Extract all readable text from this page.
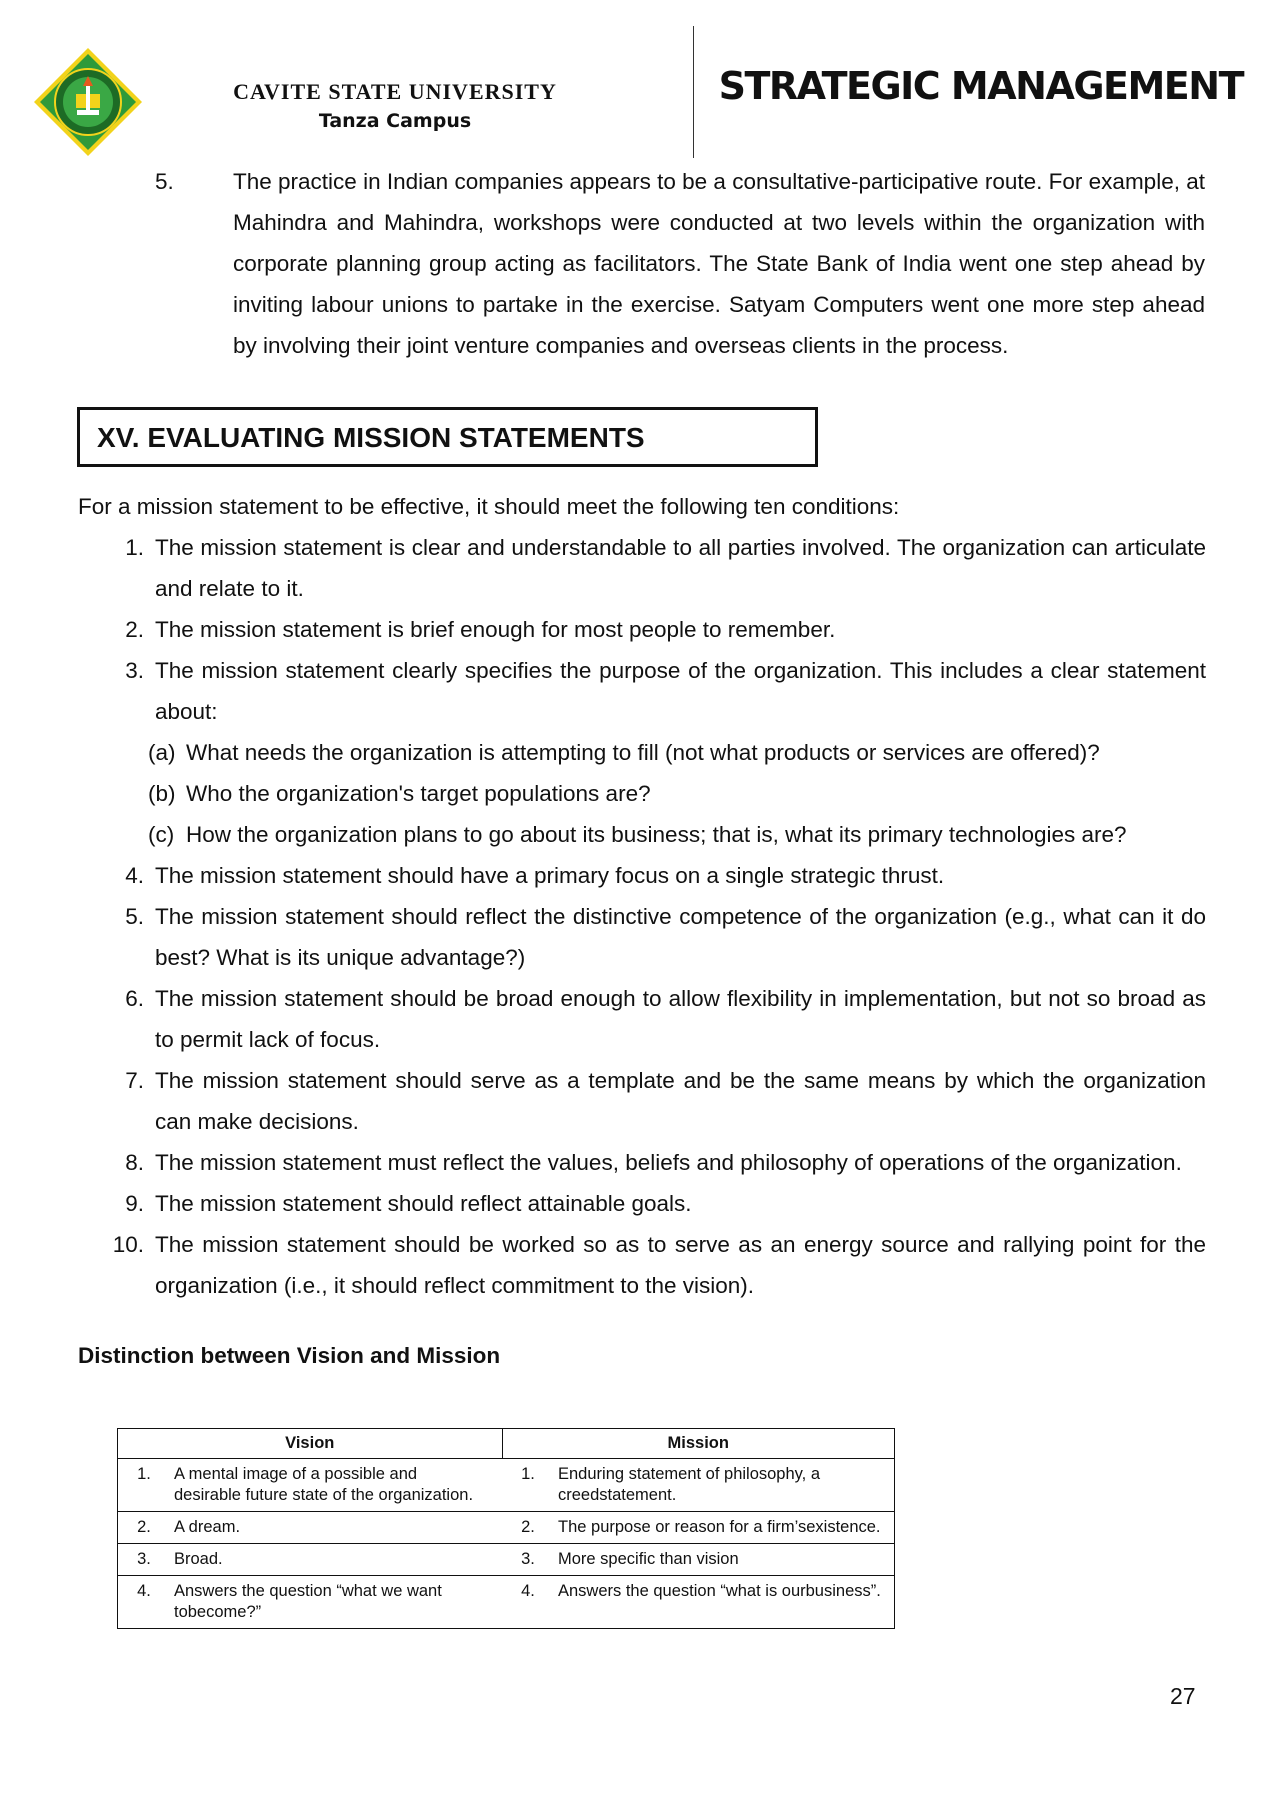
CAVITE STATE UNIVERSITY
Tanza Campus
STRATEGIC MANAGEMENT
5.	The practice in Indian companies appears to be a consultative-participative route. For example, at Mahindra and Mahindra, workshops were conducted at two levels within the organization with corporate planning group acting as facilitators. The State Bank of India went one step ahead by inviting labour unions to partake in the exercise. Satyam Computers went one more step ahead by involving their joint venture companies and overseas clients in the process.
XV. EVALUATING MISSION STATEMENTS
For a mission statement to be effective, it should meet the following ten conditions:
1. The mission statement is clear and understandable to all parties involved. The organization can articulate and relate to it.
2. The mission statement is brief enough for most people to remember.
3. The mission statement clearly specifies the purpose of the organization. This includes a clear statement about:
(a) What needs the organization is attempting to fill (not what products or services are offered)?
(b) Who the organization's target populations are?
(c) How the organization plans to go about its business; that is, what its primary technologies are?
4. The mission statement should have a primary focus on a single strategic thrust.
5. The mission statement should reflect the distinctive competence of the organization (e.g., what can it do best? What is its unique advantage?)
6. The mission statement should be broad enough to allow flexibility in implementation, but not so broad as to permit lack of focus.
7. The mission statement should serve as a template and be the same means by which the organization can make decisions.
8. The mission statement must reflect the values, beliefs and philosophy of operations of the organization.
9. The mission statement should reflect attainable goals.
10. The mission statement should be worked so as to serve as an energy source and rallying point for the organization (i.e., it should reflect commitment to the vision).
Distinction between Vision and Mission
Vision		Mission	
1.	A mental image of a possible and desirable future state of the organization.	1.	Enduring statement of philosophy, a creedstatement.
2.	A dream.	2.	The purpose or reason for a firm’sexistence.
3.	Broad.	3.	More specific than vision
4.	Answers the question “what we want tobecome?”	4.	Answers the question “what is ourbusiness”.
27
